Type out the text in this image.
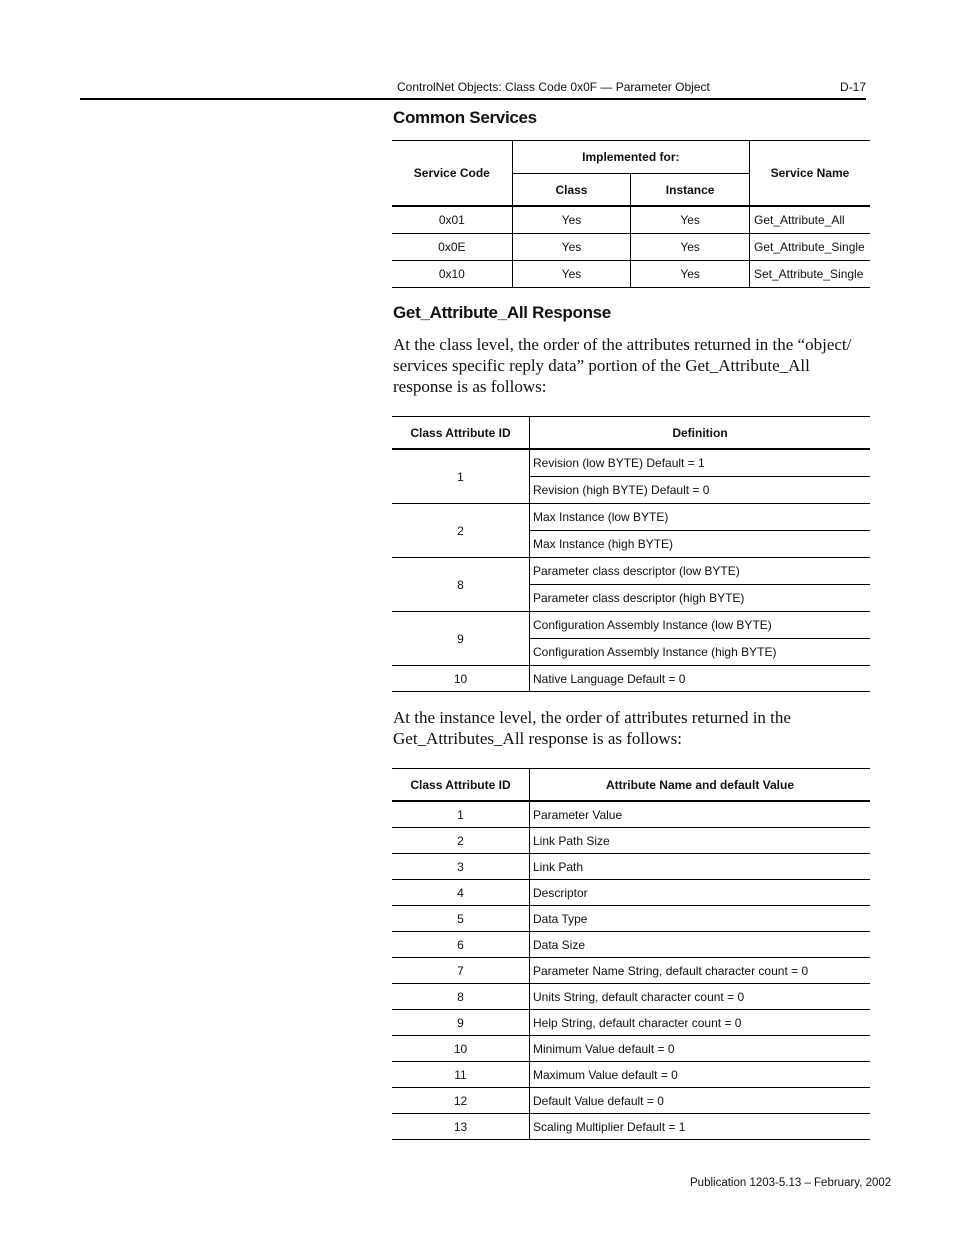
ControlNet Objects: Class Code 0x0F — Parameter Object	D-17
Common Services
Service Code	Implemented for:		Service Name
	Class	Instance	
0x01	Yes	Yes	Get_Attribute_All
0x0E	Yes	Yes	Get_Attribute_Single
0x10	Yes	Yes	Set_Attribute_Single
Get_Attribute_All Response
At the class level, the order of the attributes returned in the “object/ services specific reply data” portion of the Get_Attribute_All response is as follows:
Class Attribute ID	Definition
1	Revision (low BYTE) Default = 1
	Revision (high BYTE) Default = 0
2	Max Instance (low BYTE)
	Max Instance (high BYTE)
8	Parameter class descriptor (low BYTE)
	Parameter class descriptor (high BYTE)
9	Configuration Assembly Instance (low BYTE)
	Configuration Assembly Instance (high BYTE)
10	Native Language Default = 0
At the instance level, the order of attributes returned in the Get_Attributes_All response is as follows:
Class Attribute ID	Attribute Name and default Value
1	Parameter Value
2	Link Path Size
3	Link Path
4	Descriptor
5	Data Type
6	Data Size
7	Parameter Name String, default character count = 0
8	Units String, default character count = 0
9	Help String, default character count = 0
10	Minimum Value default = 0
11	Maximum Value default = 0
12	Default Value default = 0
13	Scaling Multiplier Default = 1
Publication 1203-5.13 – February, 2002
